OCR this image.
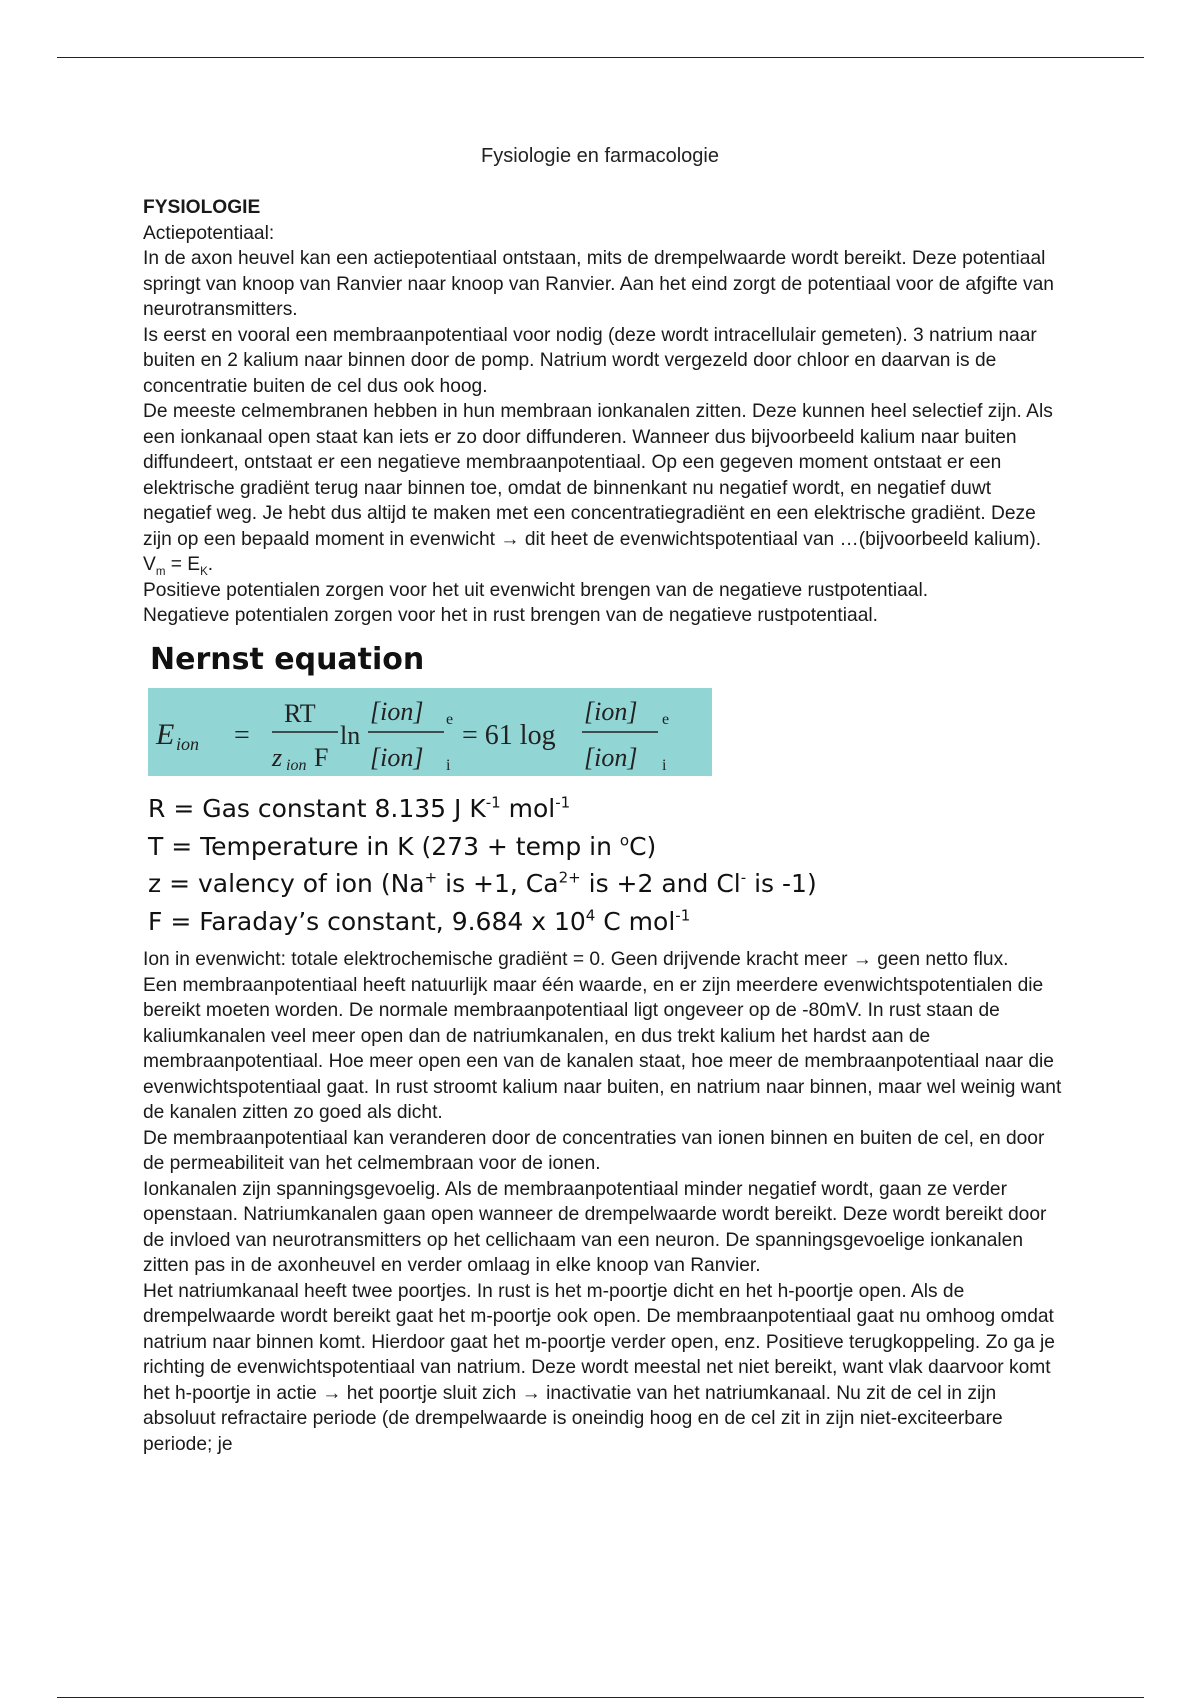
Fysiologie en farmacologie

FYSIOLOGIE

Actiepotentiaal:

In de axon heuvel kan een actiepotentiaal ontstaan, mits de drempelwaarde wordt bereikt. Deze potentiaal springt van knoop van Ranvier naar knoop van Ranvier. Aan het eind zorgt de potentiaal voor de afgifte van neurotransmitters.

Is eerst en vooral een membraanpotentiaal voor nodig (deze wordt intracellulair gemeten). 3 natrium naar buiten en 2 kalium naar binnen door de pomp. Natrium wordt vergezeld door chloor en daarvan is de concentratie buiten de cel dus ook hoog.

De meeste celmembranen hebben in hun membraan ionkanalen zitten. Deze kunnen heel selectief zijn. Als een ionkanaal open staat kan iets er zo door diffunderen. Wanneer dus bijvoorbeeld kalium naar buiten diffundeert, ontstaat er een negatieve membraanpotentiaal. Op een gegeven moment ontstaat er een elektrische gradiënt terug naar binnen toe, omdat de binnenkant nu negatief wordt, en negatief duwt negatief weg. Je hebt dus altijd te maken met een concentratiegradiënt en een elektrische gradiënt. Deze zijn op een bepaald moment in evenwicht → dit heet de evenwichtspotentiaal van …(bijvoorbeeld kalium). $V_m = E_K$.

Positieve potentialen zorgen voor het uit evenwicht brengen van de negatieve rustpotentiaal.

Negatieve potentialen zorgen voor het in rust brengen van de negatieve rustpotentiaal.

Nernst equation
E ion =
RT
z ion F
ln
[ion] e
[ion] i
= 61 log
[ion] e
[ion] i

R = Gas constant 8.135 J $K^{-1}$ mol$^{-1}$

T = Temperature in K (273 + temp in $^o$C)

z = valency of ion (Na+ is +1, $Ca^{2+}$ is +2 and Cl- is -1)

F = Faraday’s constant, 9.684 x $10^4$ C mol$^{-1}$

Ion in evenwicht: totale elektrochemische gradiënt = 0. Geen drijvende kracht meer → geen netto flux.

Een membraanpotentiaal heeft natuurlijk maar één waarde, en er zijn meerdere evenwichtspotentialen die bereikt moeten worden. De normale membraanpotentiaal ligt ongeveer op de -80mV. In rust staan de kaliumkanalen veel meer open dan de natriumkanalen, en dus trekt kalium het hardst aan de membraanpotentiaal. Hoe meer open een van de kanalen staat, hoe meer de membraanpotentiaal naar die evenwichtspotentiaal gaat. In rust stroomt kalium naar buiten, en natrium naar binnen, maar wel weinig want de kanalen zitten zo goed als dicht.

De membraanpotentiaal kan veranderen door de concentraties van ionen binnen en buiten de cel, en door de permeabiliteit van het celmembraan voor de ionen.

Ionkanalen zijn spanningsgevoelig. Als de membraanpotentiaal minder negatief wordt, gaan ze verder openstaan. Natriumkanalen gaan open wanneer de drempelwaarde wordt bereikt. Deze wordt bereikt door de invloed van neurotransmitters op het cellichaam van een neuron. De spanningsgevoelige ionkanalen zitten pas in de axonheuvel en verder omlaag in elke knoop van Ranvier.

Het natriumkanaal heeft twee poortjes. In rust is het m-poortje dicht en het h-poortje open. Als de drempelwaarde wordt bereikt gaat het m-poortje ook open. De membraanpotentiaal gaat nu omhoog omdat natrium naar binnen komt. Hierdoor gaat het m-poortje verder open, enz. Positieve terugkoppeling. Zo ga je richting de evenwichtspotentiaal van natrium. Deze wordt meestal net niet bereikt, want vlak daarvoor komt het h-poortje in actie → het poortje sluit zich → inactivatie van het natriumkanaal. Nu zit de cel in zijn absoluut refractaire periode (de drempelwaarde is oneindig hoog en de cel zit in zijn niet-exciteerbare periode; je
